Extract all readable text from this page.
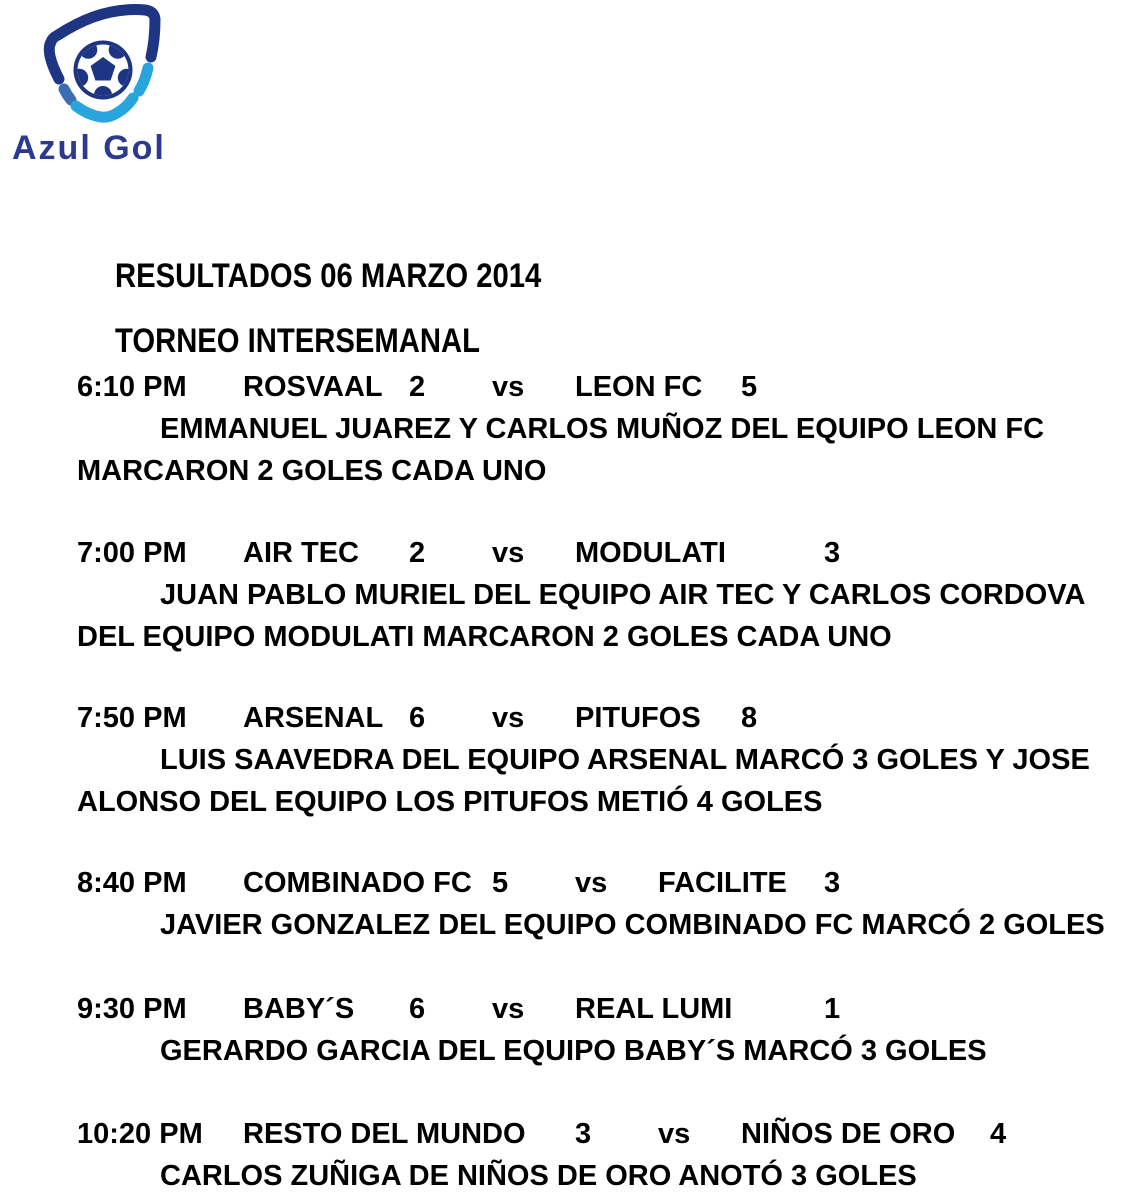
Azul Gol

RESULTADOS 06 MARZO 2014

TORNEO INTERSEMANAL

6:10 PM ROSVAAL 2 vs LEON FC 5
EMMANUEL JUAREZ Y CARLOS MUÑOZ DEL EQUIPO LEON FC
MARCARON 2 GOLES CADA UNO
7:00 PM AIR TEC 2 vs MODULATI	3
JUAN PABLO MURIEL DEL EQUIPO AIR TEC Y CARLOS CORDOVA
DEL EQUIPO MODULATI MARCARON 2 GOLES CADA UNO
7:50 PM ARSENAL 6 vs PITUFOS 8
LUIS SAAVEDRA DEL EQUIPO ARSENAL MARCÓ 3 GOLES Y JOSE
ALONSO DEL EQUIPO LOS PITUFOS METIÓ 4 GOLES
8:40 PM COMBINADO FC 5 vs FACILITE 3
JAVIER GONZALEZ DEL EQUIPO COMBINADO FC MARCÓ 2 GOLES
9:30 PM BABY´S 6 vs REAL LUMI	1
GERARDO GARCIA DEL EQUIPO BABY´S MARCÓ 3 GOLES
10:20 PM RESTO DEL MUNDO 3 vs NIÑOS DE ORO 4
CARLOS ZUÑIGA DE NIÑOS DE ORO ANOTÓ 3 GOLES
